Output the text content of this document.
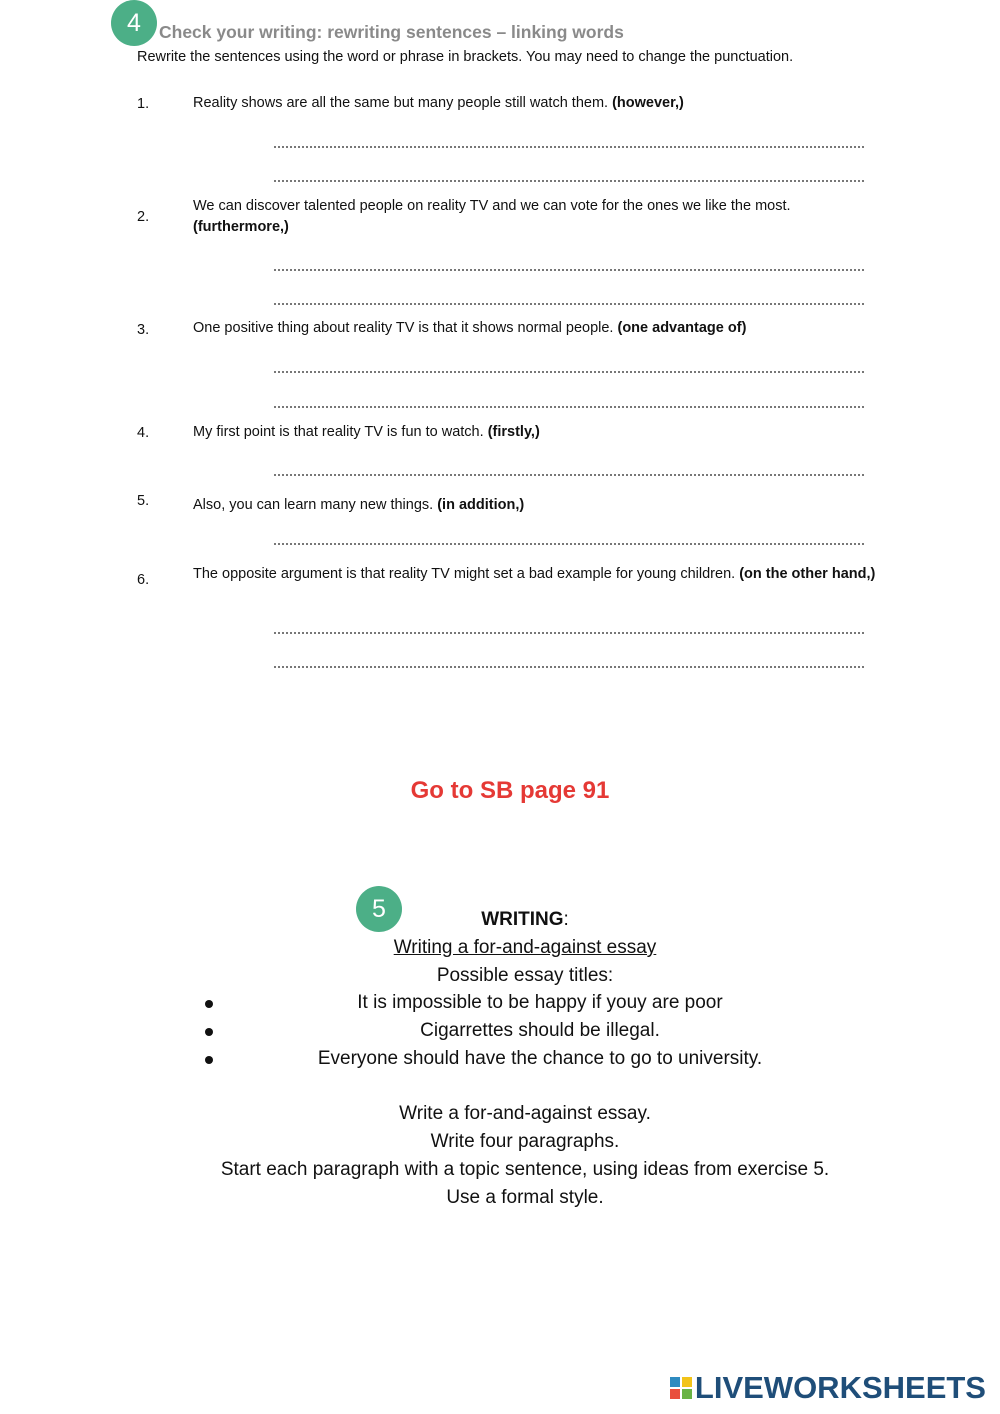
4 Check your writing: rewriting sentences – linking words
Rewrite the sentences using the word or phrase in brackets. You may need to change the punctuation.
1.	Reality shows are all the same but many people still watch them. (however,)
2.
We can discover talented people on reality TV and we can vote for the ones we like the most.
(furthermore,)
3.	One positive thing about reality TV is that it shows normal people. (one advantage of)
4.	My first point is that reality TV is fun to watch. (firstly,)
5.	Also, you can learn many new things. (in addition,)
6.	The opposite argument is that reality TV might set a bad example for young children. (on the other hand,)
Go to SB page 91
5	WRITING:
Writing a for-and-against essay
Possible essay titles:
It is impossible to be happy if youy are poor
Cigarrettes should be illegal.
Everyone should have the chance to go to university.
Write a for-and-against essay.
Write four paragraphs.
Start each paragraph with a topic sentence, using ideas from exercise 5.
Use a formal style.
LIVEWORKSHEETS
